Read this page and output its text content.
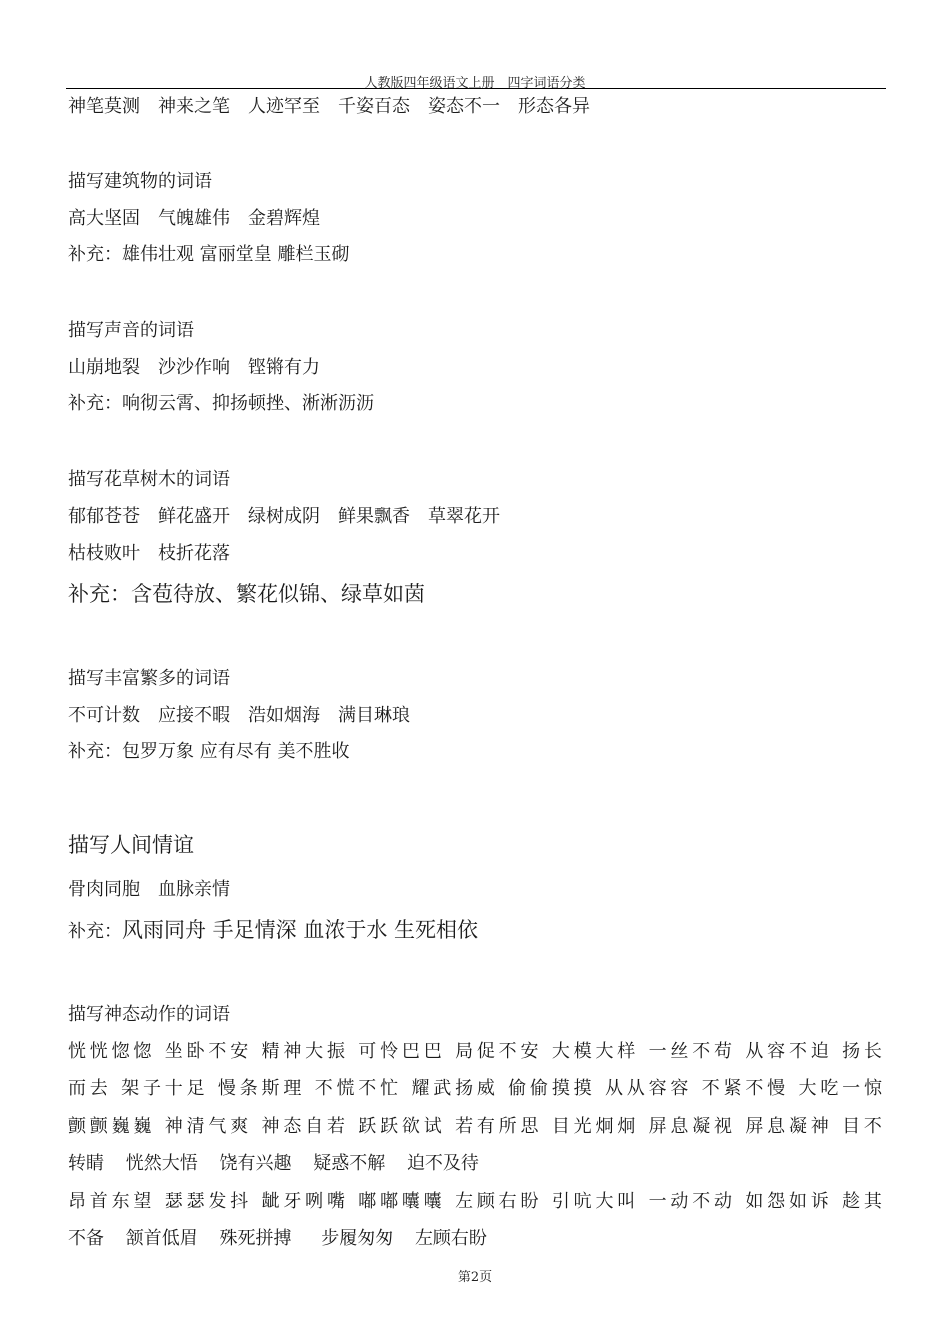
人教版四年级语文上册　四字词语分类
神笔莫测　神来之笔　人迹罕至　千姿百态　姿态不一　形态各异
描写建筑物的词语
高大坚固　气魄雄伟　金碧辉煌
补充：雄伟壮观 富丽堂皇 雕栏玉砌
描写声音的词语
山崩地裂　沙沙作响　铿锵有力
补充：响彻云霄、抑扬顿挫、淅淅沥沥
描写花草树木的词语
郁郁苍苍　鲜花盛开　绿树成阴　鲜果飘香　草翠花开
枯枝败叶　枝折花落
补充：含苞待放、繁花似锦、绿草如茵
描写丰富繁多的词语
不可计数　应接不暇　浩如烟海　满目琳琅
补充：包罗万象 应有尽有 美不胜收
描写人间情谊
骨肉同胞　血脉亲情
补充：风雨同舟 手足情深 血浓于水 生死相依
描写神态动作的词语
恍恍惚惚 坐卧不安 精神大振 可怜巴巴 局促不安 大模大样 一丝不苟 从容不迫 扬长
而去 架子十足 慢条斯理 不慌不忙 耀武扬威 偷偷摸摸 从从容容 不紧不慢 大吃一惊
颤颤巍巍 神清气爽 神态自若 跃跃欲试 若有所思 目光炯炯 屏息凝视 屏息凝神 目不
转睛 恍然大悟 饶有兴趣 疑惑不解 迫不及待
昂首东望 瑟瑟发抖 龇牙咧嘴 嘟嘟囔囔 左顾右盼 引吭大叫 一动不动 如怨如诉 趁其
不备 颔首低眉 殊死拼搏 步履匆匆 左顾右盼
第2页
